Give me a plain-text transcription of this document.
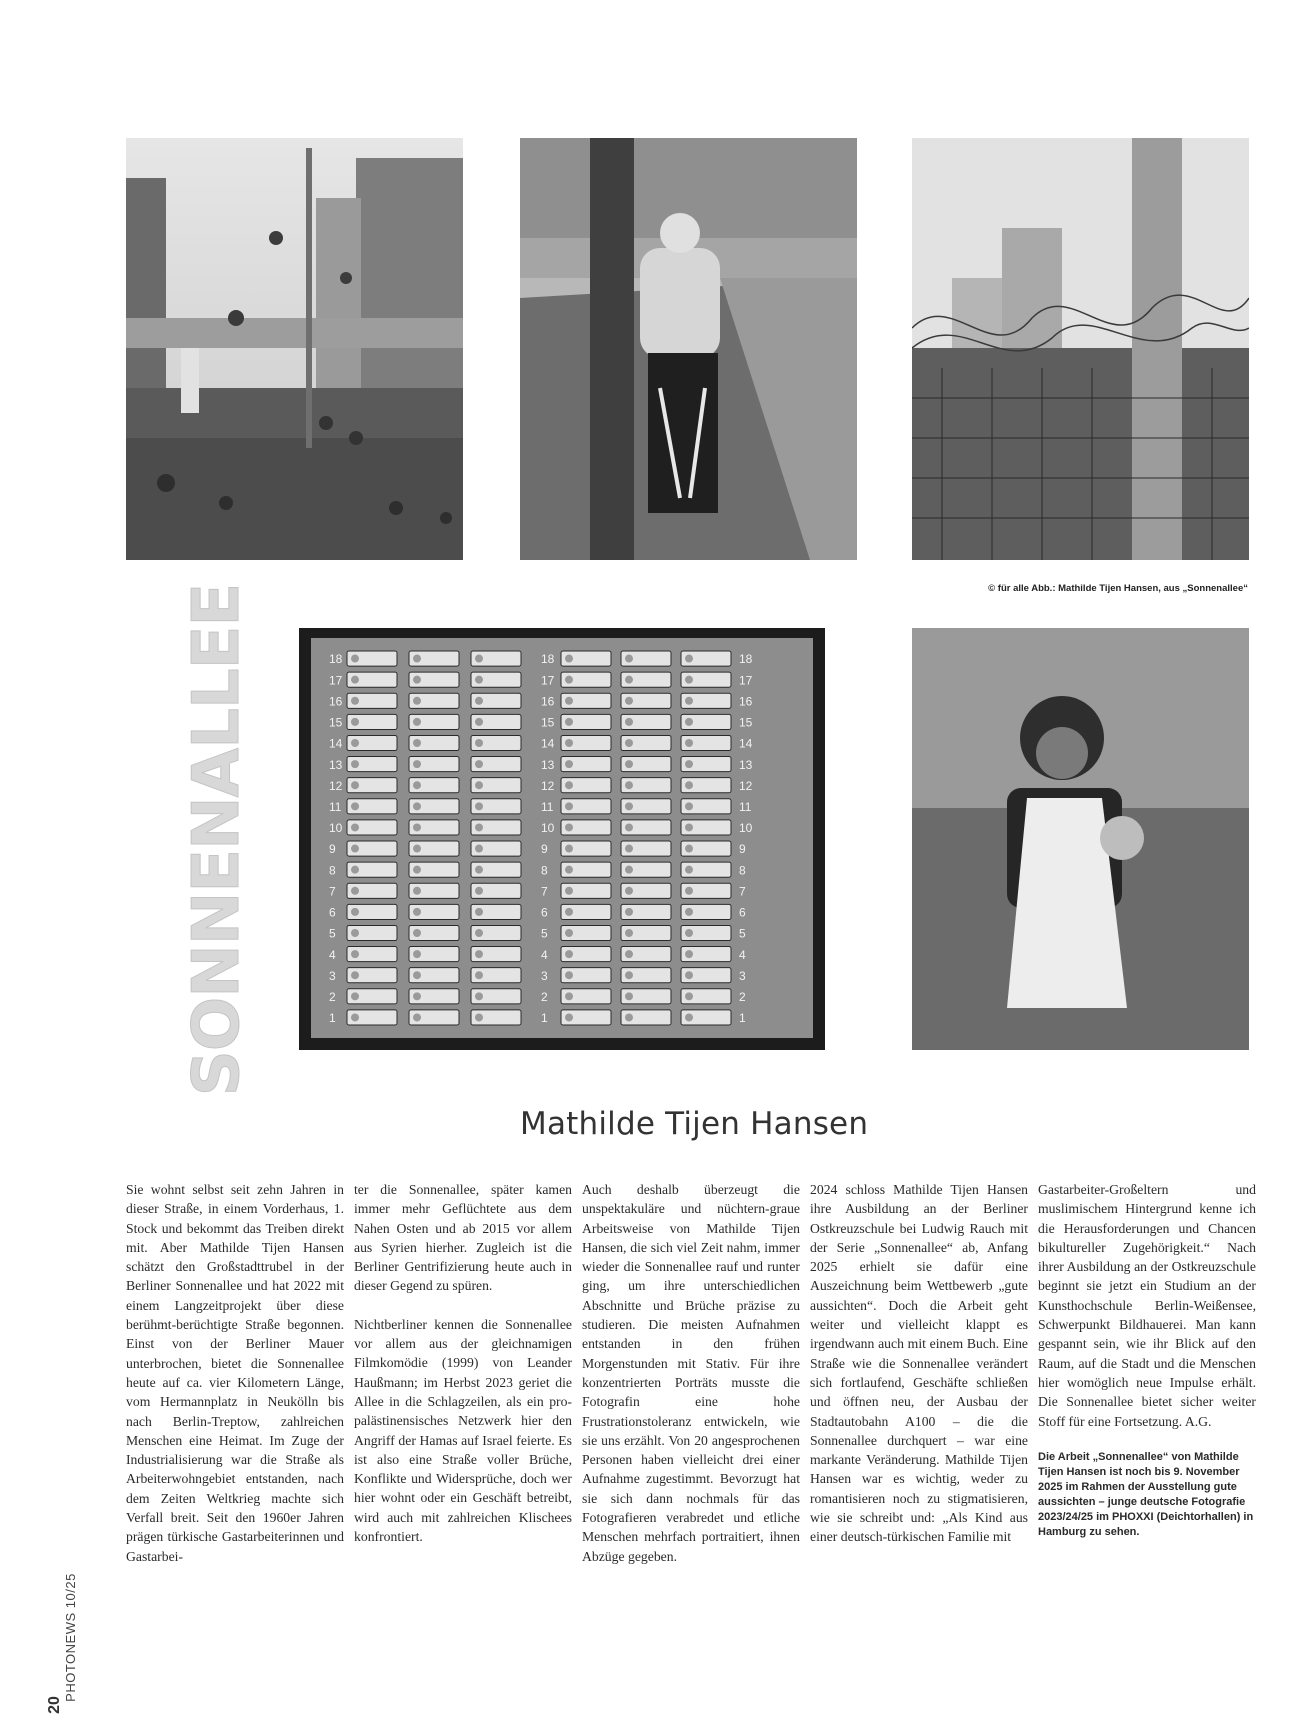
© für alle Abb.: Mathilde Tijen Hansen, aus „Sonnenallee“
SONNENALLEE	18	18	18
17	17	17
16	16	16
15	15	15
14	14	14
13	13	13
12	12	12
11	11	11
10	10	10
9	9	9
8	8	8
7	7	7
6	6	6
5	5	5
4	4	4
3	3	3
2	2	2
1	1	1
Mathilde Tijen Hansen

Sie wohnt selbst seit zehn Jahren in dieser Straße, in einem Vorderhaus, 1. Stock und bekommt das Treiben direkt mit. Aber Mathilde Tijen Hansen schätzt den Großstadttrubel in der Berliner Sonnenallee und hat 2022 mit einem Langzeitprojekt über diese berühmt-berüchtigte Straße begonnen. Einst von der Berliner Mauer unterbrochen, bietet die Sonnenallee heute auf ca. vier Kilometern Länge, vom Hermannplatz in Neukölln bis nach Berlin-Treptow, zahlreichen Menschen eine Heimat. Im Zuge der Industrialisierung war die Straße als Arbeiterwohngebiet entstanden, nach dem Zeiten Weltkrieg machte sich Verfall breit. Seit den 1960er Jahren prägen türkische Gastarbeiterinnen und Gastarbei-

ter die Sonnenallee, später kamen immer mehr Geflüchtete aus dem Nahen Osten und ab 2015 vor allem aus Syrien hierher. Zugleich ist die Berliner Gentrifizierung heute auch in dieser Gegend zu spüren.

Nichtberliner kennen die Sonnenallee vor allem aus der gleichnamigen Filmkomödie (1999) von Leander Haußmann; im Herbst 2023 geriet die Allee in die Schlagzeilen, als ein pro-palästinensisches Netzwerk hier den Angriff der Hamas auf Israel feierte. Es ist also eine Straße voller Brüche, Konflikte und Widersprüche, doch wer hier wohnt oder ein Geschäft betreibt, wird auch mit zahlreichen Klischees konfrontiert.

Auch deshalb überzeugt die unspektakuläre und nüchtern-graue Arbeitsweise von Mathilde Tijen Hansen, die sich viel Zeit nahm, immer wieder die Sonnenallee rauf und runter ging, um ihre unterschiedlichen Abschnitte und Brüche präzise zu studieren. Die meisten Aufnahmen entstanden in den frühen Morgenstunden mit Stativ. Für ihre konzentrierten Porträts musste die Fotografin eine hohe Frustrationstoleranz entwickeln, wie sie uns erzählt. Von 20 angesprochenen Personen haben vielleicht drei einer Aufnahme zugestimmt. Bevorzugt hat sie sich dann nochmals für das Fotografieren verabredet und etliche Menschen mehrfach portraitiert, ihnen Abzüge gegeben.

2024 schloss Mathilde Tijen Hansen ihre Ausbildung an der Berliner Ostkreuzschule bei Ludwig Rauch mit der Serie „Sonnenallee“ ab, Anfang 2025 erhielt sie dafür eine Auszeichnung beim Wettbewerb „gute aussichten“. Doch die Arbeit geht weiter und vielleicht klappt es irgendwann auch mit einem Buch. Eine Straße wie die Sonnenallee verändert sich fortlaufend, Geschäfte schließen und öffnen neu, der Ausbau der Stadtautobahn A100 – die die Sonnenallee durchquert – war eine markante Veränderung. Mathilde Tijen Hansen war es wichtig, weder zu romantisieren noch zu stigmatisieren, wie sie schreibt und: „Als Kind aus einer deutsch-türkischen Familie mit

Gastarbeiter-Großeltern und muslimischem Hintergrund kenne ich die Herausforderungen und Chancen bikultureller Zugehörigkeit.“ Nach ihrer Ausbildung an der Ostkreuzschule beginnt sie jetzt ein Studium an der Kunsthochschule Berlin-Weißensee, Schwerpunkt Bildhauerei. Man kann gespannt sein, wie ihr Blick auf den Raum, auf die Stadt und die Menschen hier womöglich neue Impulse erhält. Die Sonnenallee bietet sicher weiter Stoff für eine Fortsetzung. A.G.

Die Arbeit „Sonnenallee“ von Mathilde Tijen Hansen ist noch bis 9. November 2025 im Rahmen der Ausstellung gute aussichten – junge deutsche Fotografie 2023/24/25 im PHOXXI (Deichtorhallen) in Hamburg zu sehen.

PHOTONEWS 10/25
20
